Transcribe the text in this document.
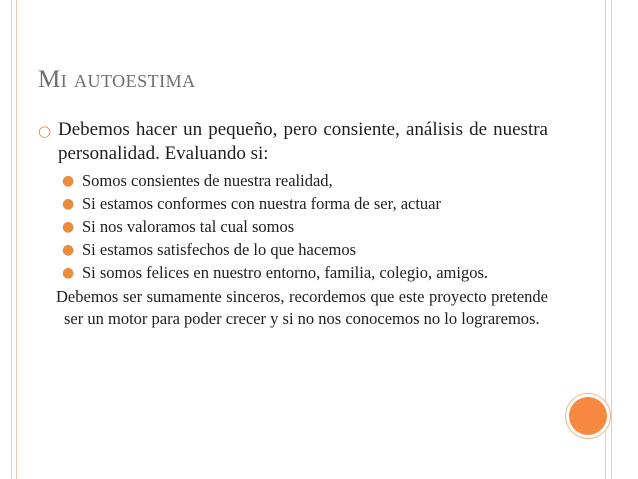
Mi autoestima
○ Debemos hacer un pequeño, pero consiente, análisis de nuestra personalidad. Evaluando si:
● Somos consientes de nuestra realidad,
● Si estamos conformes con nuestra forma de ser, actuar
● Si nos valoramos tal cual somos
● Si estamos satisfechos de lo que hacemos
● Si somos felices en nuestro entorno, familia, colegio, amigos.
Debemos ser sumamente sinceros, recordemos que este proyecto pretende ser un motor para poder crecer y si no nos conocemos no lo lograremos.
